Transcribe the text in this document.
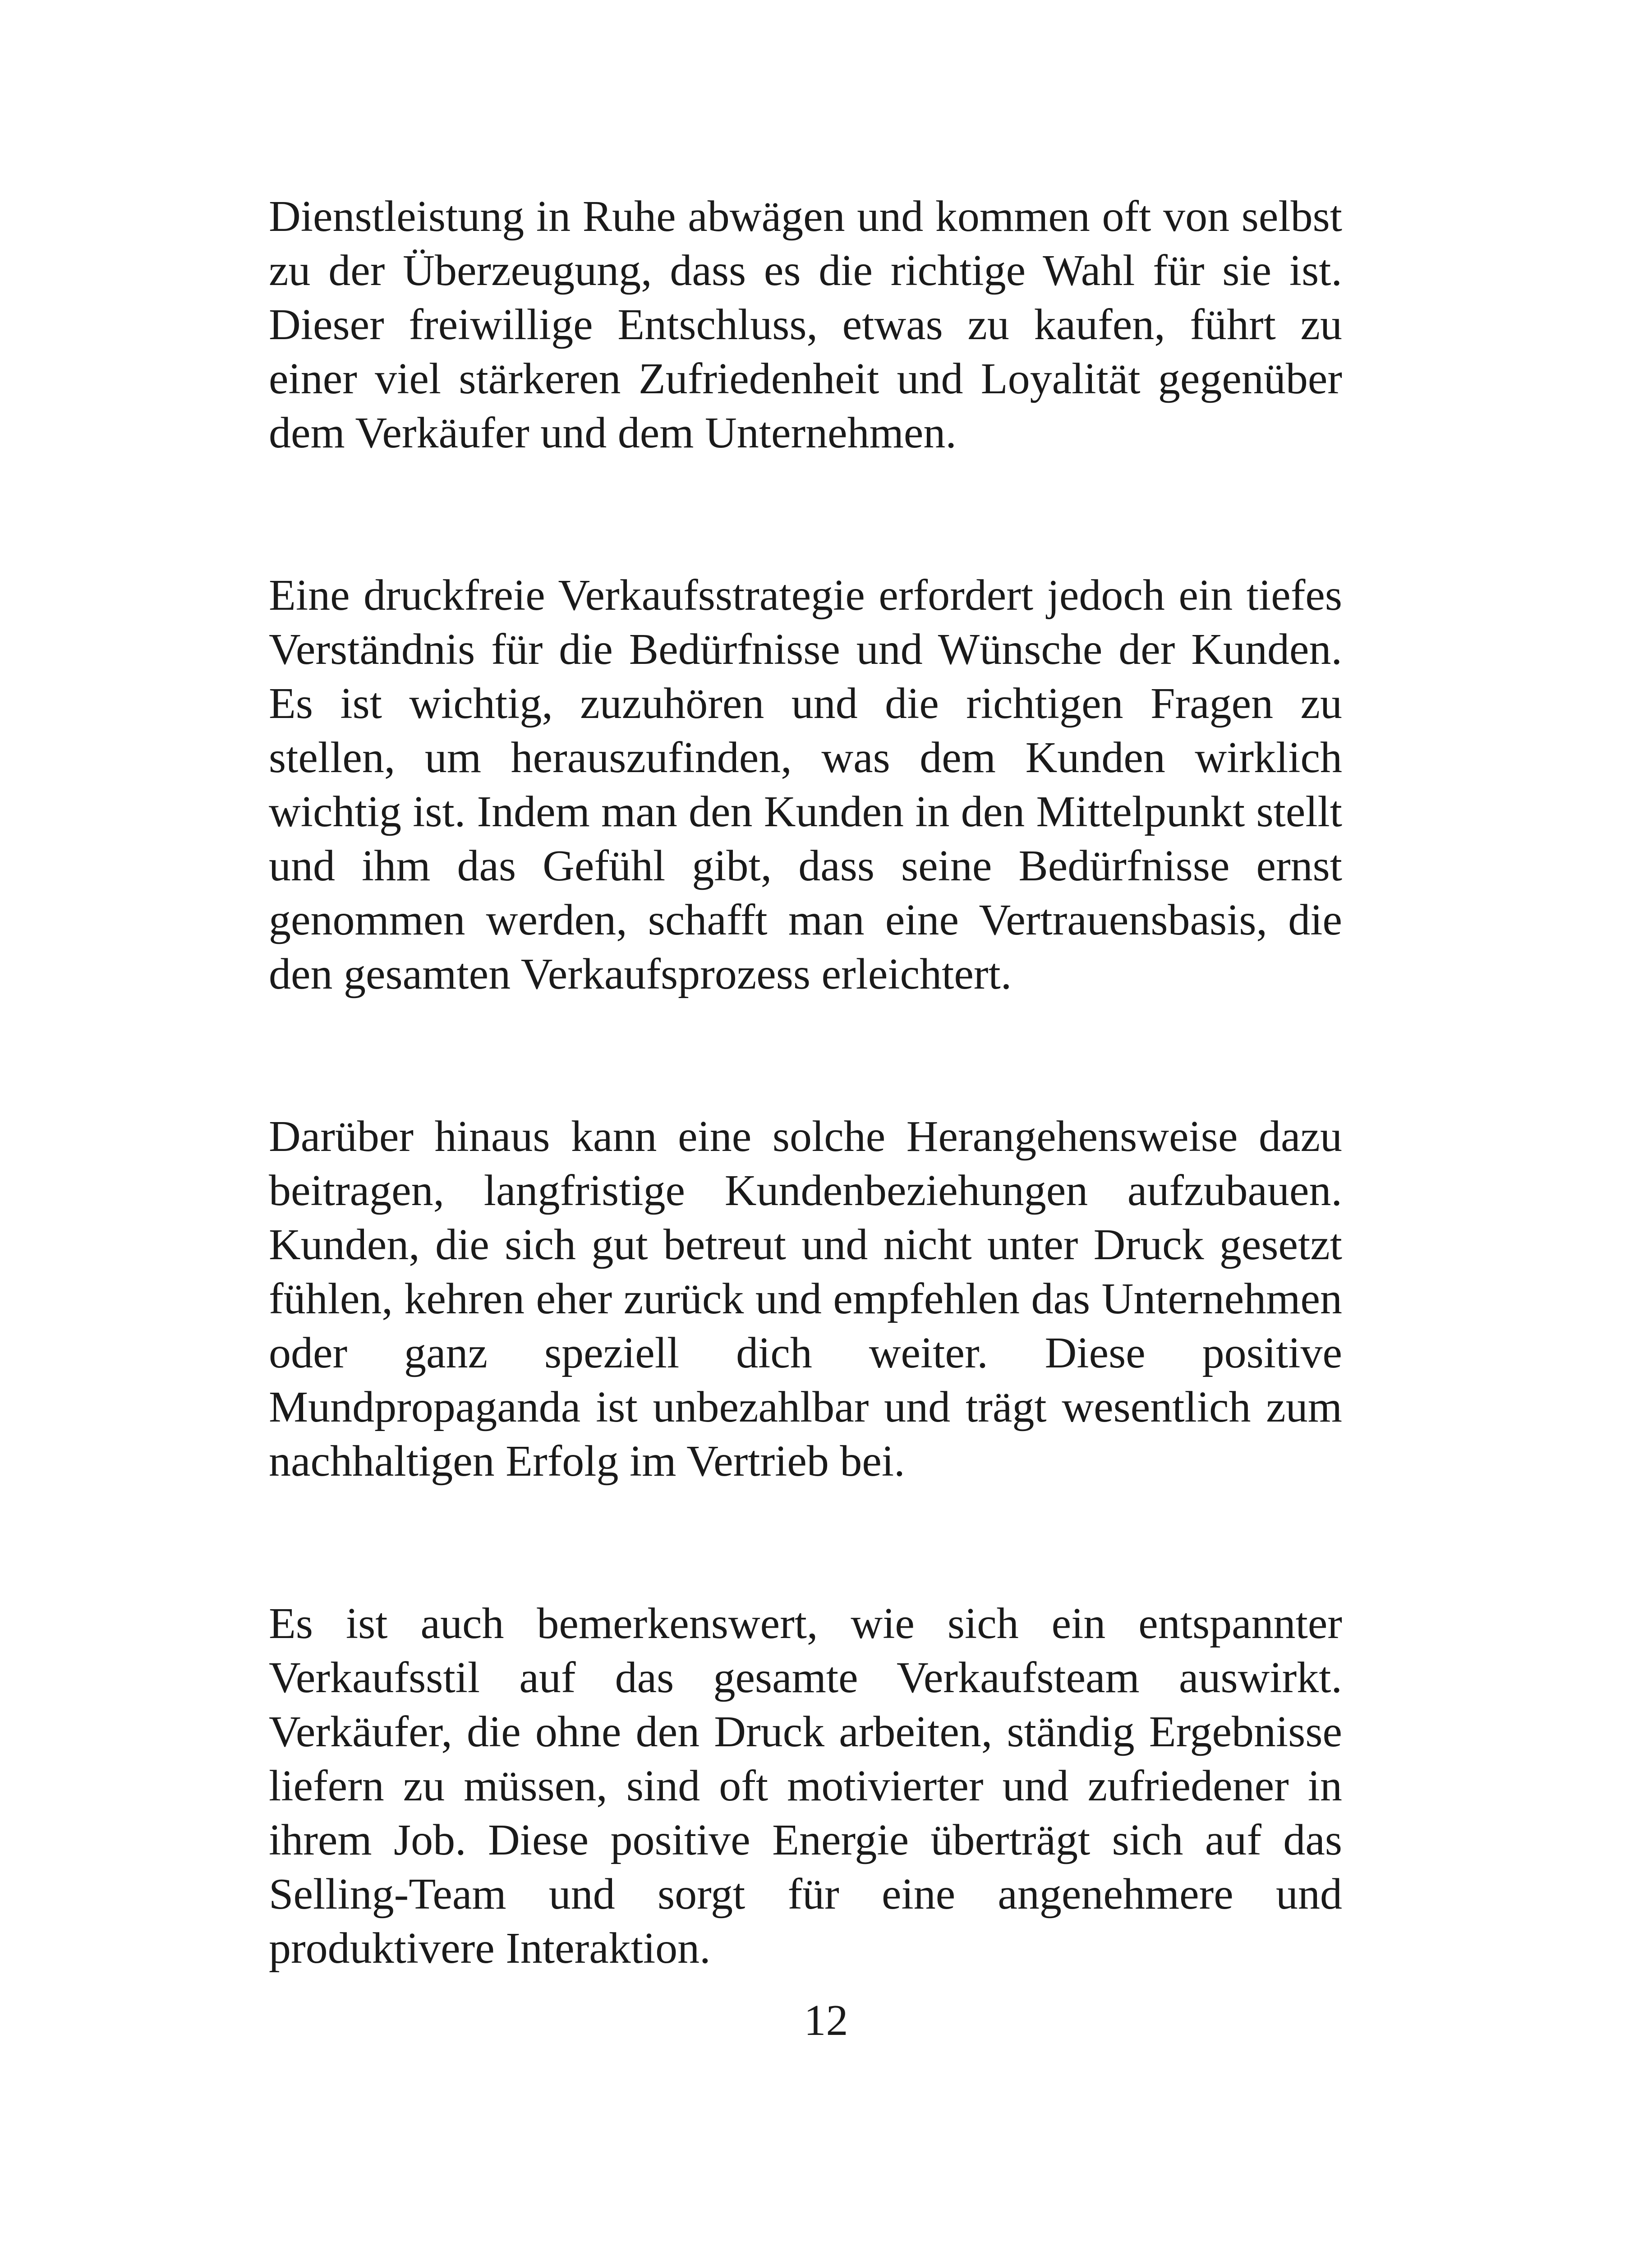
Dienstleistung in Ruhe abwägen und kommen oft von selbst zu der Überzeugung, dass es die richtige Wahl für sie ist. Dieser freiwillige Entschluss, etwas zu kaufen, führt zu einer viel stärkeren Zufriedenheit und Loyalität gegenüber dem Verkäufer und dem Unternehmen.

Eine druckfreie Verkaufsstrategie erfordert jedoch ein tiefes Verständnis für die Bedürfnisse und Wünsche der Kunden. Es ist wichtig, zuzuhören und die richtigen Fragen zu stellen, um herauszufinden, was dem Kunden wirklich wichtig ist. Indem man den Kunden in den Mittelpunkt stellt und ihm das Gefühl gibt, dass seine Bedürfnisse ernst genommen werden, schafft man eine Vertrauensbasis, die den gesamten Verkaufsprozess erleichtert.

Darüber hinaus kann eine solche Herangehensweise dazu beitragen, langfristige Kundenbeziehungen aufzubauen. Kunden, die sich gut betreut und nicht unter Druck gesetzt fühlen, kehren eher zurück und empfehlen das Unternehmen oder ganz speziell dich weiter. Diese positive Mundpropaganda ist unbezahlbar und trägt wesentlich zum nachhaltigen Erfolg im Vertrieb bei.

Es ist auch bemerkenswert, wie sich ein entspannter Verkaufsstil auf das gesamte Verkaufsteam auswirkt. Verkäufer, die ohne den Druck arbeiten, ständig Ergebnisse liefern zu müssen, sind oft motivierter und zufriedener in ihrem Job. Diese positive Energie überträgt sich auf das Selling-Team und sorgt für eine angenehmere und produktivere Interaktion.

12
